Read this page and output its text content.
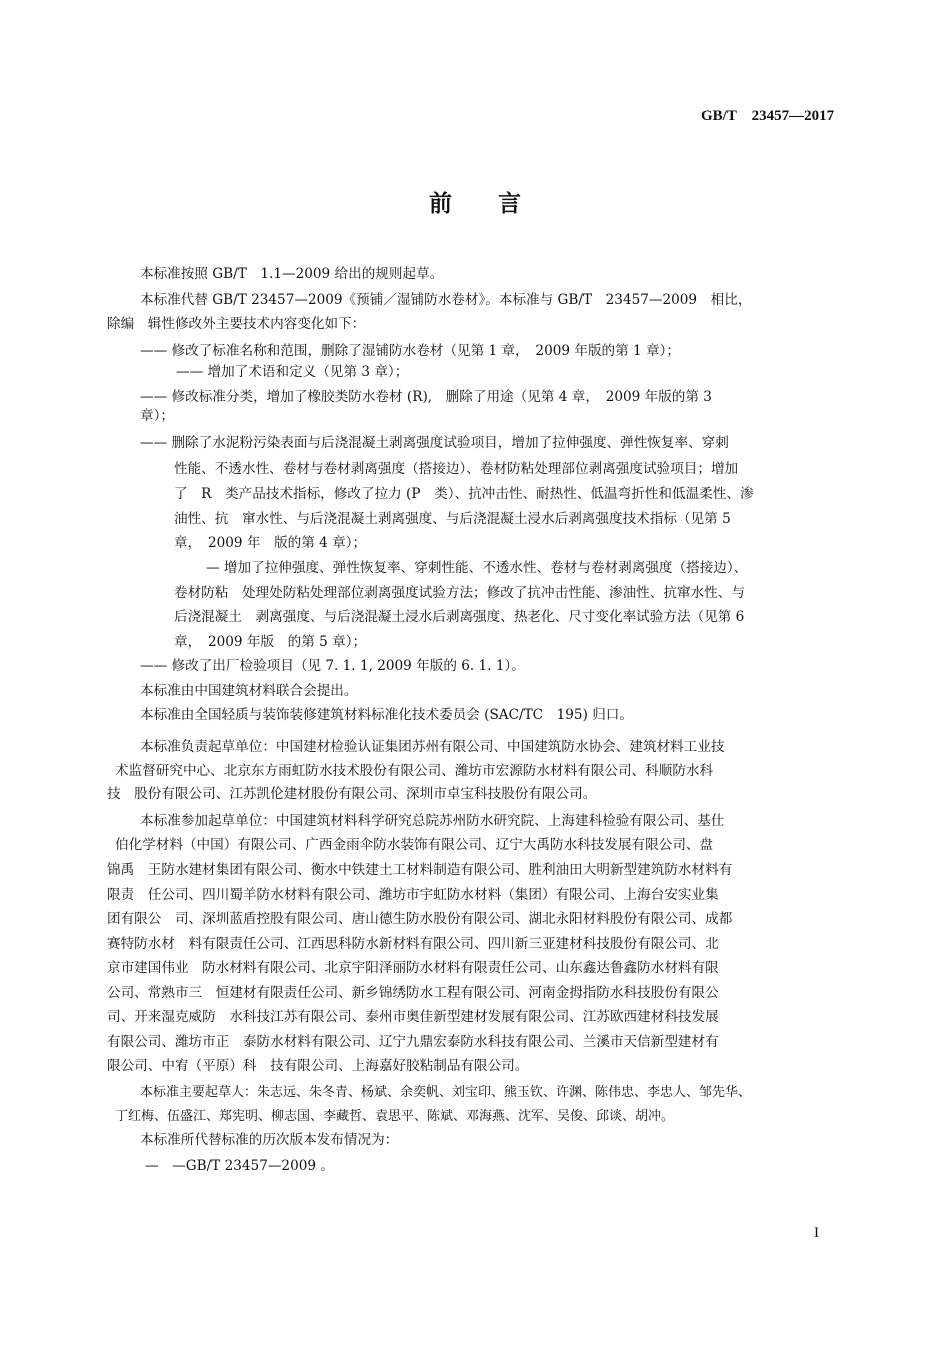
GB/T　23457—2017
前　　言
本标准按照 GB/T　1.1—2009 给出的规则起草。
本标准代替 GB/T 23457—2009《预铺／湿铺防水卷材》。本标准与 GB/T　23457—2009　相比，
除编　辑性修改外主要技术内容变化如下：
—— 修改了标准名称和范围，删除了湿铺防水卷材（见第 1 章，　2009 年版的第 1 章）；
—— 增加了术语和定义（见第 3 章）；
—— 修改标准分类，增加了橡胶类防水卷材 (R),　删除了用途（见第 4 章，　2009 年版的第 3
章）；
—— 删除了水泥粉污染表面与后浇混凝土剥离强度试验项目，增加了拉伸强度、弹性恢复率、穿刺
性能、不透水性、卷材与卷材剥离强度（搭接边）、卷材防粘处理部位剥离强度试验项目；增加
了　R　类产品技术指标，修改了拉力 (P　类）、抗冲击性、耐热性、低温弯折性和低温柔性、渗
油性、抗　窜水性、与后浇混凝土剥离强度、与后浇混凝土浸水后剥离强度技术指标（见第 5
章，　2009 年　版的第 4 章）；
— 增加了拉伸强度、弹性恢复率、穿刺性能、不透水性、卷材与卷材剥离强度（搭接边）、
卷材防粘　处理处防粘处理部位剥离强度试验方法；修改了抗冲击性能、渗油性、抗窜水性、与
后浇混凝土　剥离强度、与后浇混凝土浸水后剥离强度、热老化、尺寸变化率试验方法（见第 6
章，　2009 年版　的第 5 章）；
—— 修改了出厂检验项目（见 7. 1. 1, 2009 年版的 6. 1. 1）。
本标准由中国建筑材料联合会提出。
本标准由全国轻质与装饰装修建筑材料标准化技术委员会 (SAC/TC　195) 归口。
本标准负责起草单位：中国建材检验认证集团苏州有限公司、中国建筑防水协会、建筑材料工业技
术监督研究中心、北京东方雨虹防水技术股份有限公司、潍坊市宏源防水材料有限公司、科顺防水科
技　股份有限公司、江苏凯伦建材股份有限公司、深圳市卓宝科技股份有限公司。
本标准参加起草单位：中国建筑材料科学研究总院苏州防水研究院、上海建科检验有限公司、基仕
伯化学材料（中国）有限公司、广西金雨伞防水装饰有限公司、辽宁大禹防水科技发展有限公司、盘
锦禹　王防水建材集团有限公司、衡水中铁建土工材料制造有限公司、胜利油田大明新型建筑防水材料有
限责　任公司、四川蜀羊防水材料有限公司、潍坊市宇虹防水材料（集团）有限公司、上海台安实业集
团有限公　司、深圳蓝盾控股有限公司、唐山德生防水股份有限公司、湖北永阳材料股份有限公司、成都
赛特防水材　料有限责任公司、江西思科防水新材料有限公司、四川新三亚建材科技股份有限公司、北
京市建国伟业　防水材料有限公司、北京宇阳泽丽防水材料有限责任公司、山东鑫达鲁鑫防水材料有限
公司、常熟市三　恒建材有限责任公司、新乡锦绣防水工程有限公司、河南金拇指防水科技股份有限公
司、开来湿克威防　水科技江苏有限公司、泰州市奥佳新型建材发展有限公司、江苏欧西建材科技发展
有限公司、潍坊市正　泰防水材料有限公司、辽宁九鼎宏泰防水科技有限公司、兰溪市天信新型建材有
限公司、中宥（平原）科　技有限公司、上海嘉好胶粘制品有限公司。
本标准主要起草人：朱志远、朱冬青、杨斌、余奕帆、刘宝印、熊玉钦、许渊、陈伟忠、李忠人、邹先华、
丁红梅、伍盛江、郑宪明、柳志国、李藏哲、袁思平、陈斌、邓海燕、沈军、吴俊、邱谈、胡冲。
本标准所代替标准的历次版本发布情况为：
—　—GB/T 23457—2009 。
I
